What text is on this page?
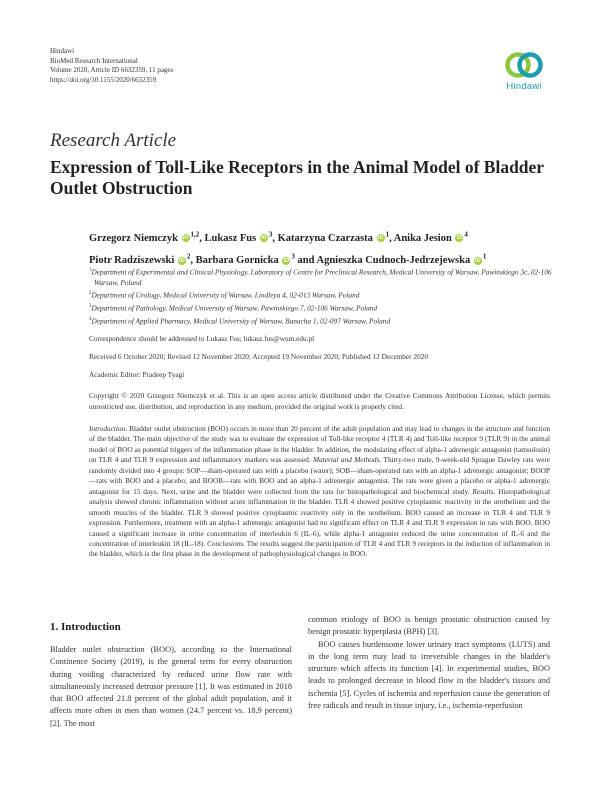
Hindawi
BioMed Research International
Volume 2020, Article ID 6632359, 11 pages
https://doi.org/10.1155/2020/6632359
Hindawi
Research Article
Expression of Toll-Like Receptors in the Animal Model of Bladder Outlet Obstruction
Grzegorz Niemczyk iD$^{1,2}$, Lukasz Fus $iD^3$, Katarzyna Czarzasta $iD^1$, Anika Jesion $iD^4$
Piotr Radziszewski $iD^2$, Barbara Gornicka $iD^3$ and Agnieszka Cudnoch-Jedrzejewska $iD^1$
$^1$Department of Experimental and Clinical Physiology, Laboratory of Centre for Preclinical Research, Medical University of Warsaw, Pawinskiego 3c, 02-106 Warsaw, Poland
$^2$Department of Urology, Medical University of Warsaw, Lindleya 4, 02-013 Warsaw, Poland
$^3$Department of Pathology, Medical University of Warsaw, Pawinskiego 7, 02-106 Warsaw, Poland
$^4$Department of Applied Pharmacy, Medical University of Warsaw, Banacha 1, 02-097 Warsaw, Poland
Correspondence should be addressed to Lukasz Fus; lukasz.fus@wum.edu.pl
Received 6 October 2020; Revised 12 November 2020; Accepted 19 November 2020; Published 12 December 2020
Academic Editor: Pradeep Tyagi
Copyright © 2020 Grzegorz Niemczyk et al. This is an open access article distributed under the Creative Commons Attribution License, which permits unrestricted use, distribution, and reproduction in any medium, provided the original work is properly cited.
Introduction. Bladder outlet obstruction (BOO) occurs in more than 20 percent of the adult population and may lead to changes in the structure and function of the bladder. The main objective of the study was to evaluate the expression of Toll-like receptor 4 (TLR 4) and Toll-like receptor 9 (TLR 9) in the animal model of BOO as potential triggers of the inflammation phase in the bladder. In addition, the modulating effect of alpha-1 adrenergic antagonist (tamsulosin) on TLR 4 and TLR 9 expression and inflammatory markers was assessed. Material and Methods. Thirty-two male, 9-week-old Sprague Dawley rats were randomly divided into 4 groups: SOP—sham-operated rats with a placebo (water); SOB—sham-operated rats with an alpha-1 adrenergic antagonist; BOOP—rats with BOO and a placebo; and BOOB—rats with BOO and an alpha-1 adrenergic antagonist. The rats were given a placebo or alpha-1 adrenergic antagonist for 15 days. Next, urine and the bladder were collected from the rats for histopathological and biochemical study. Results. Histopathological analysis showed chronic inflammation without acute inflammation in the bladder. TLR 4 showed positive cytoplasmic reactivity in the urothelium and the smooth muscles of the bladder. TLR 9 showed positive cytoplasmic reactivity only in the urothelium. BOO caused an increase in TLR 4 and TLR 9 expression. Furthermore, treatment with an alpha-1 adrenergic antagonist had no significant effect on TLR 4 and TLR 9 expression in rats with BOO. BOO caused a significant increase in urine concentration of interleukin 6 (IL-6), while alpha-1 antagonist reduced the urine concentration of IL-6 and the concentration of interleukin 18 (IL-18). Conclusions. The results suggest the participation of TLR 4 and TLR 9 receptors in the induction of inflammation in the bladder, which is the first phase in the development of pathophysiological changes in BOO.
1. Introduction

Bladder outlet obstruction (BOO), according to the International Continence Society (2019), is the general term for every obstruction during voiding characterized by reduced urine flow rate with simultaneously increased detrusor pressure [1]. It was estimated in 2018 that BOO affected 21.8 percent of the global adult population, and it affects more often in men than women (24.7 percent vs. 18.9 percent) [2]. The most

common etiology of BOO is benign prostatic obstruction caused by benign prostatic hyperplasia (BPH) [3].

BOO causes burdensome lower urinary tract symptoms (LUTS) and in the long term may lead to irreversible changes in the bladder's structure which affects its function [4]. In experimental studies, BOO leads to prolonged decrease in blood flow in the bladder's tissues and ischemia [5]. Cycles of ischemia and reperfusion cause the generation of free radicals and result in tissue injury, i.e., ischemia-reperfusion
